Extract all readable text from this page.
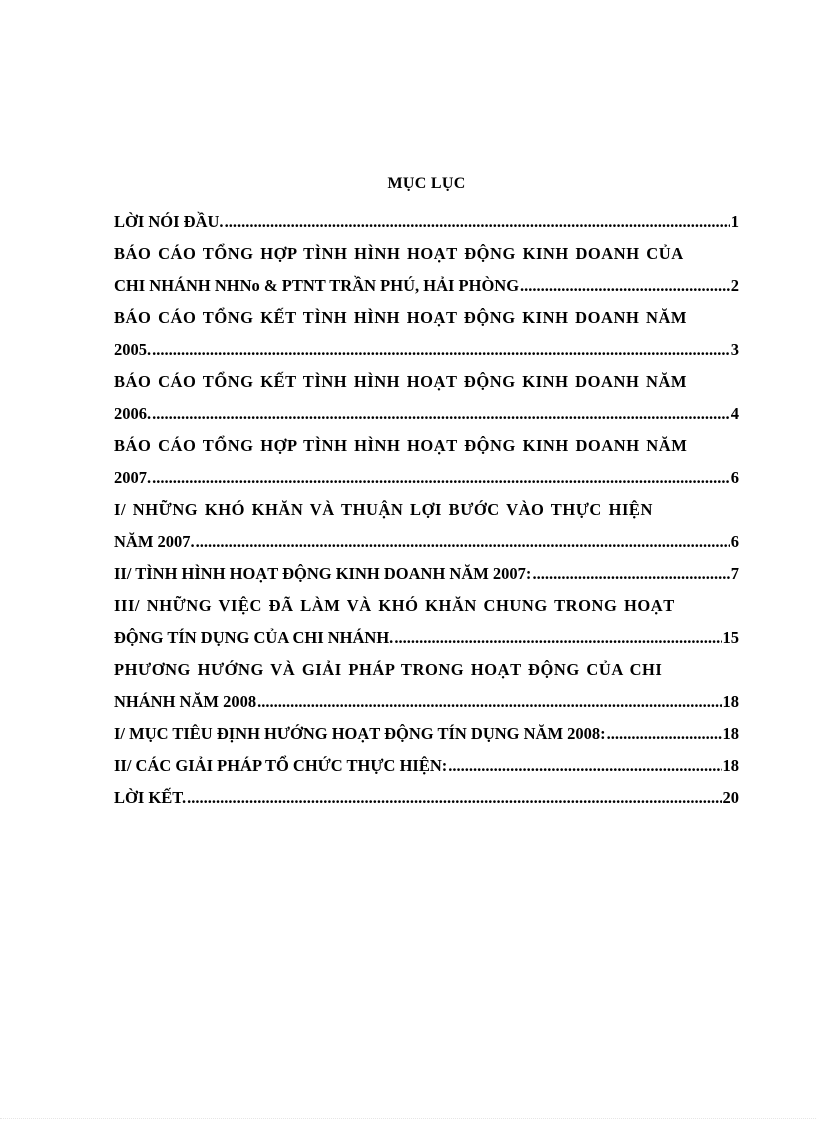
MỤC LỤC
LỜI NÓI ĐẦU. .....	1
BÁO CÁO TỔNG HỢP TÌNH HÌNH HOẠT ĐỘNG KINH DOANH CỦA
CHI NHÁNH NHNo & PTNT TRẦN PHÚ, HẢI PHÒNG .....	2
BÁO CÁO TỔNG KẾT TÌNH HÌNH HOẠT ĐỘNG KINH DOANH NĂM
2005. .....	3
BÁO CÁO TỔNG KẾT TÌNH HÌNH HOẠT ĐỘNG KINH DOANH NĂM
2006. .....	4
BÁO CÁO TỔNG HỢP TÌNH HÌNH HOẠT ĐỘNG KINH DOANH NĂM
2007. .....	6
I/ NHỮNG KHÓ KHĂN VÀ THUẬN LỢI BƯỚC VÀO THỰC HIỆN
NĂM 2007. .....	6
II/ TÌNH HÌNH HOẠT ĐỘNG KINH DOANH NĂM 2007: .....	7
III/ NHỮNG VIỆC ĐÃ LÀM VÀ KHÓ KHĂN CHUNG TRONG HOẠT
ĐỘNG TÍN DỤNG CỦA CHI NHÁNH. .....	15
PHƯƠNG HƯỚNG VÀ GIẢI PHÁP TRONG HOẠT ĐỘNG CỦA CHI
NHÁNH NĂM 2008 .....	18
I/ MỤC TIÊU ĐỊNH HƯỚNG HOẠT ĐỘNG TÍN DỤNG NĂM 2008: .....	18
II/ CÁC GIẢI PHÁP TỔ CHỨC THỰC HIỆN: .....	18
LỜI KẾT. .....	20
